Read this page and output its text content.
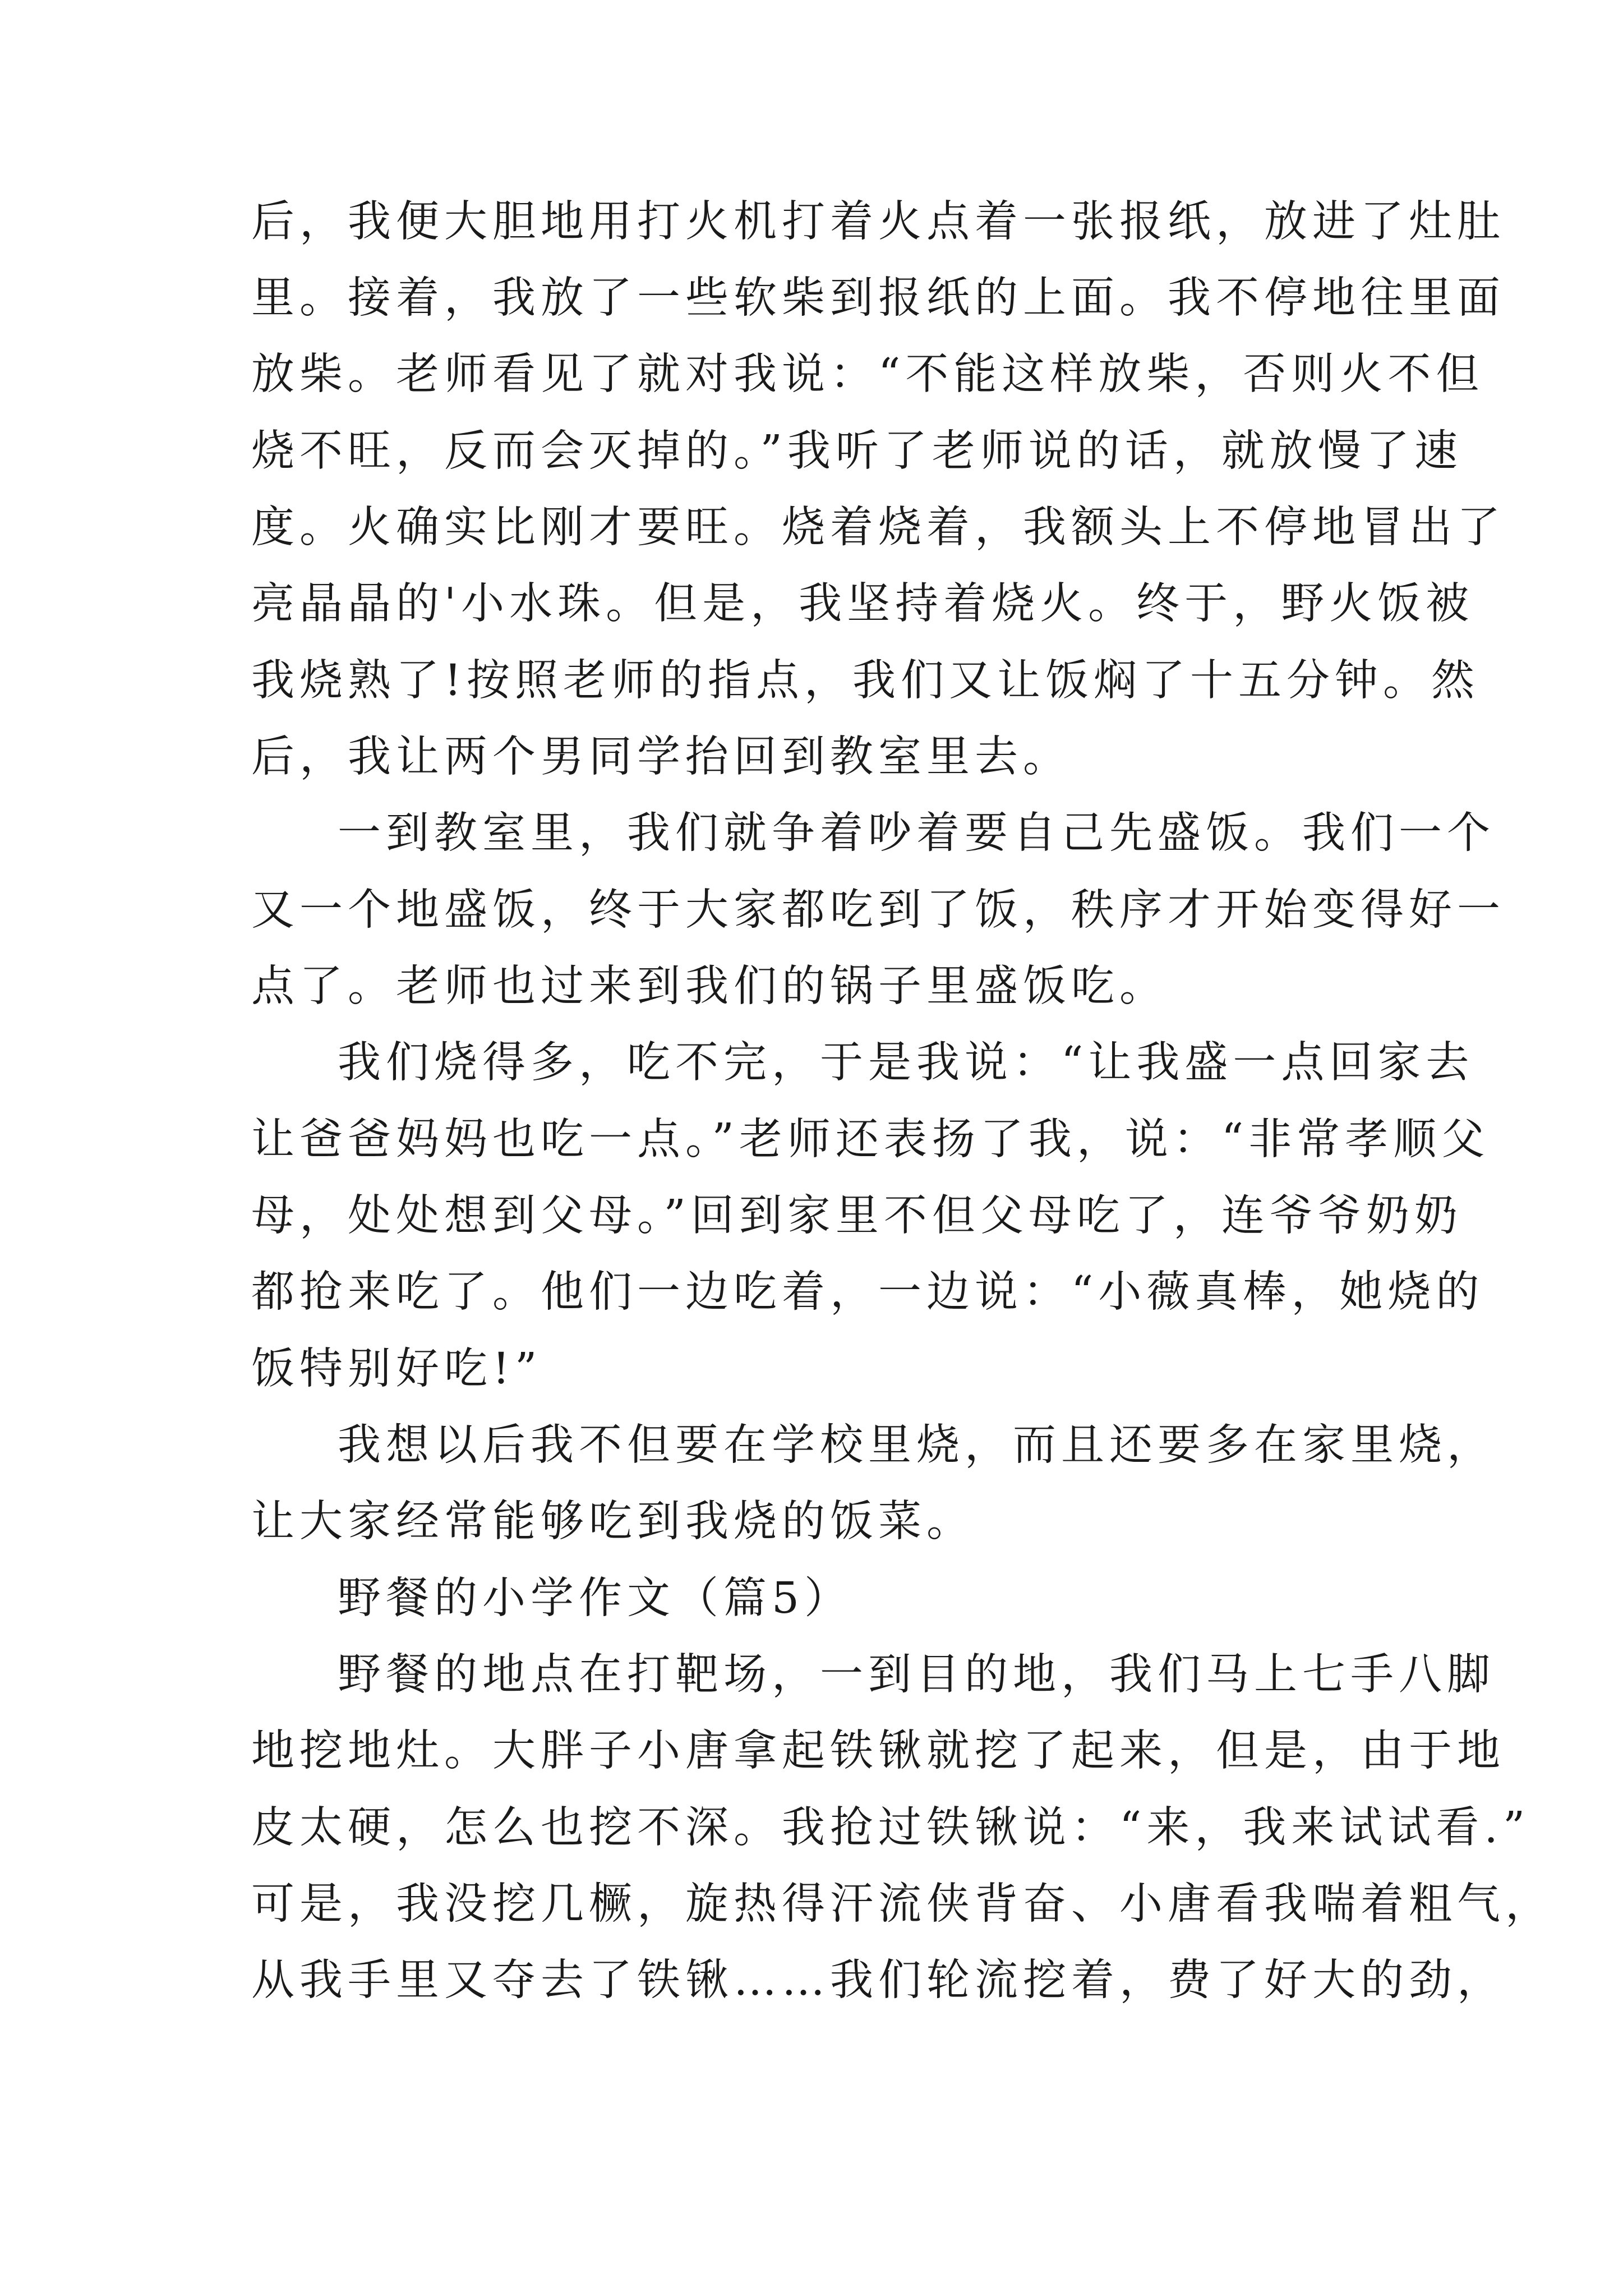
后，我便大胆地用打火机打着火点着一张报纸，放进了灶肚
里。接着，我放了一些软柴到报纸的上面。我不停地往里面
放柴。老师看见了就对我说：“不能这样放柴，否则火不但
烧不旺，反而会灭掉的。”我听了老师说的话，就放慢了速
度。火确实比刚才要旺。烧着烧着，我额头上不停地冒出了
亮晶晶的'小水珠。但是，我坚持着烧火。终于，野火饭被
我烧熟了!按照老师的指点，我们又让饭焖了十五分钟。然
后，我让两个男同学抬回到教室里去。
一到教室里，我们就争着吵着要自己先盛饭。我们一个
又一个地盛饭，终于大家都吃到了饭，秩序才开始变得好一
点了。老师也过来到我们的锅子里盛饭吃。
我们烧得多，吃不完，于是我说：“让我盛一点回家去
让爸爸妈妈也吃一点。”老师还表扬了我，说：“非常孝顺父
母，处处想到父母。”回到家里不但父母吃了，连爷爷奶奶
都抢来吃了。他们一边吃着，一边说：“小薇真棒，她烧的
饭特别好吃!”
我想以后我不但要在学校里烧，而且还要多在家里烧，
让大家经常能够吃到我烧的饭菜。
野餐的小学作文（篇5）
野餐的地点在打靶场，一到目的地，我们马上七手八脚
地挖地灶。大胖子小唐拿起铁锹就挖了起来，但是，由于地
皮太硬，怎么也挖不深。我抢过铁锹说：“来，我来试试看.”
可是，我没挖几橛，旋热得汗流侠背奋、小唐看我喘着粗气，
从我手里又夺去了铁锹……我们轮流挖着，费了好大的劲，
